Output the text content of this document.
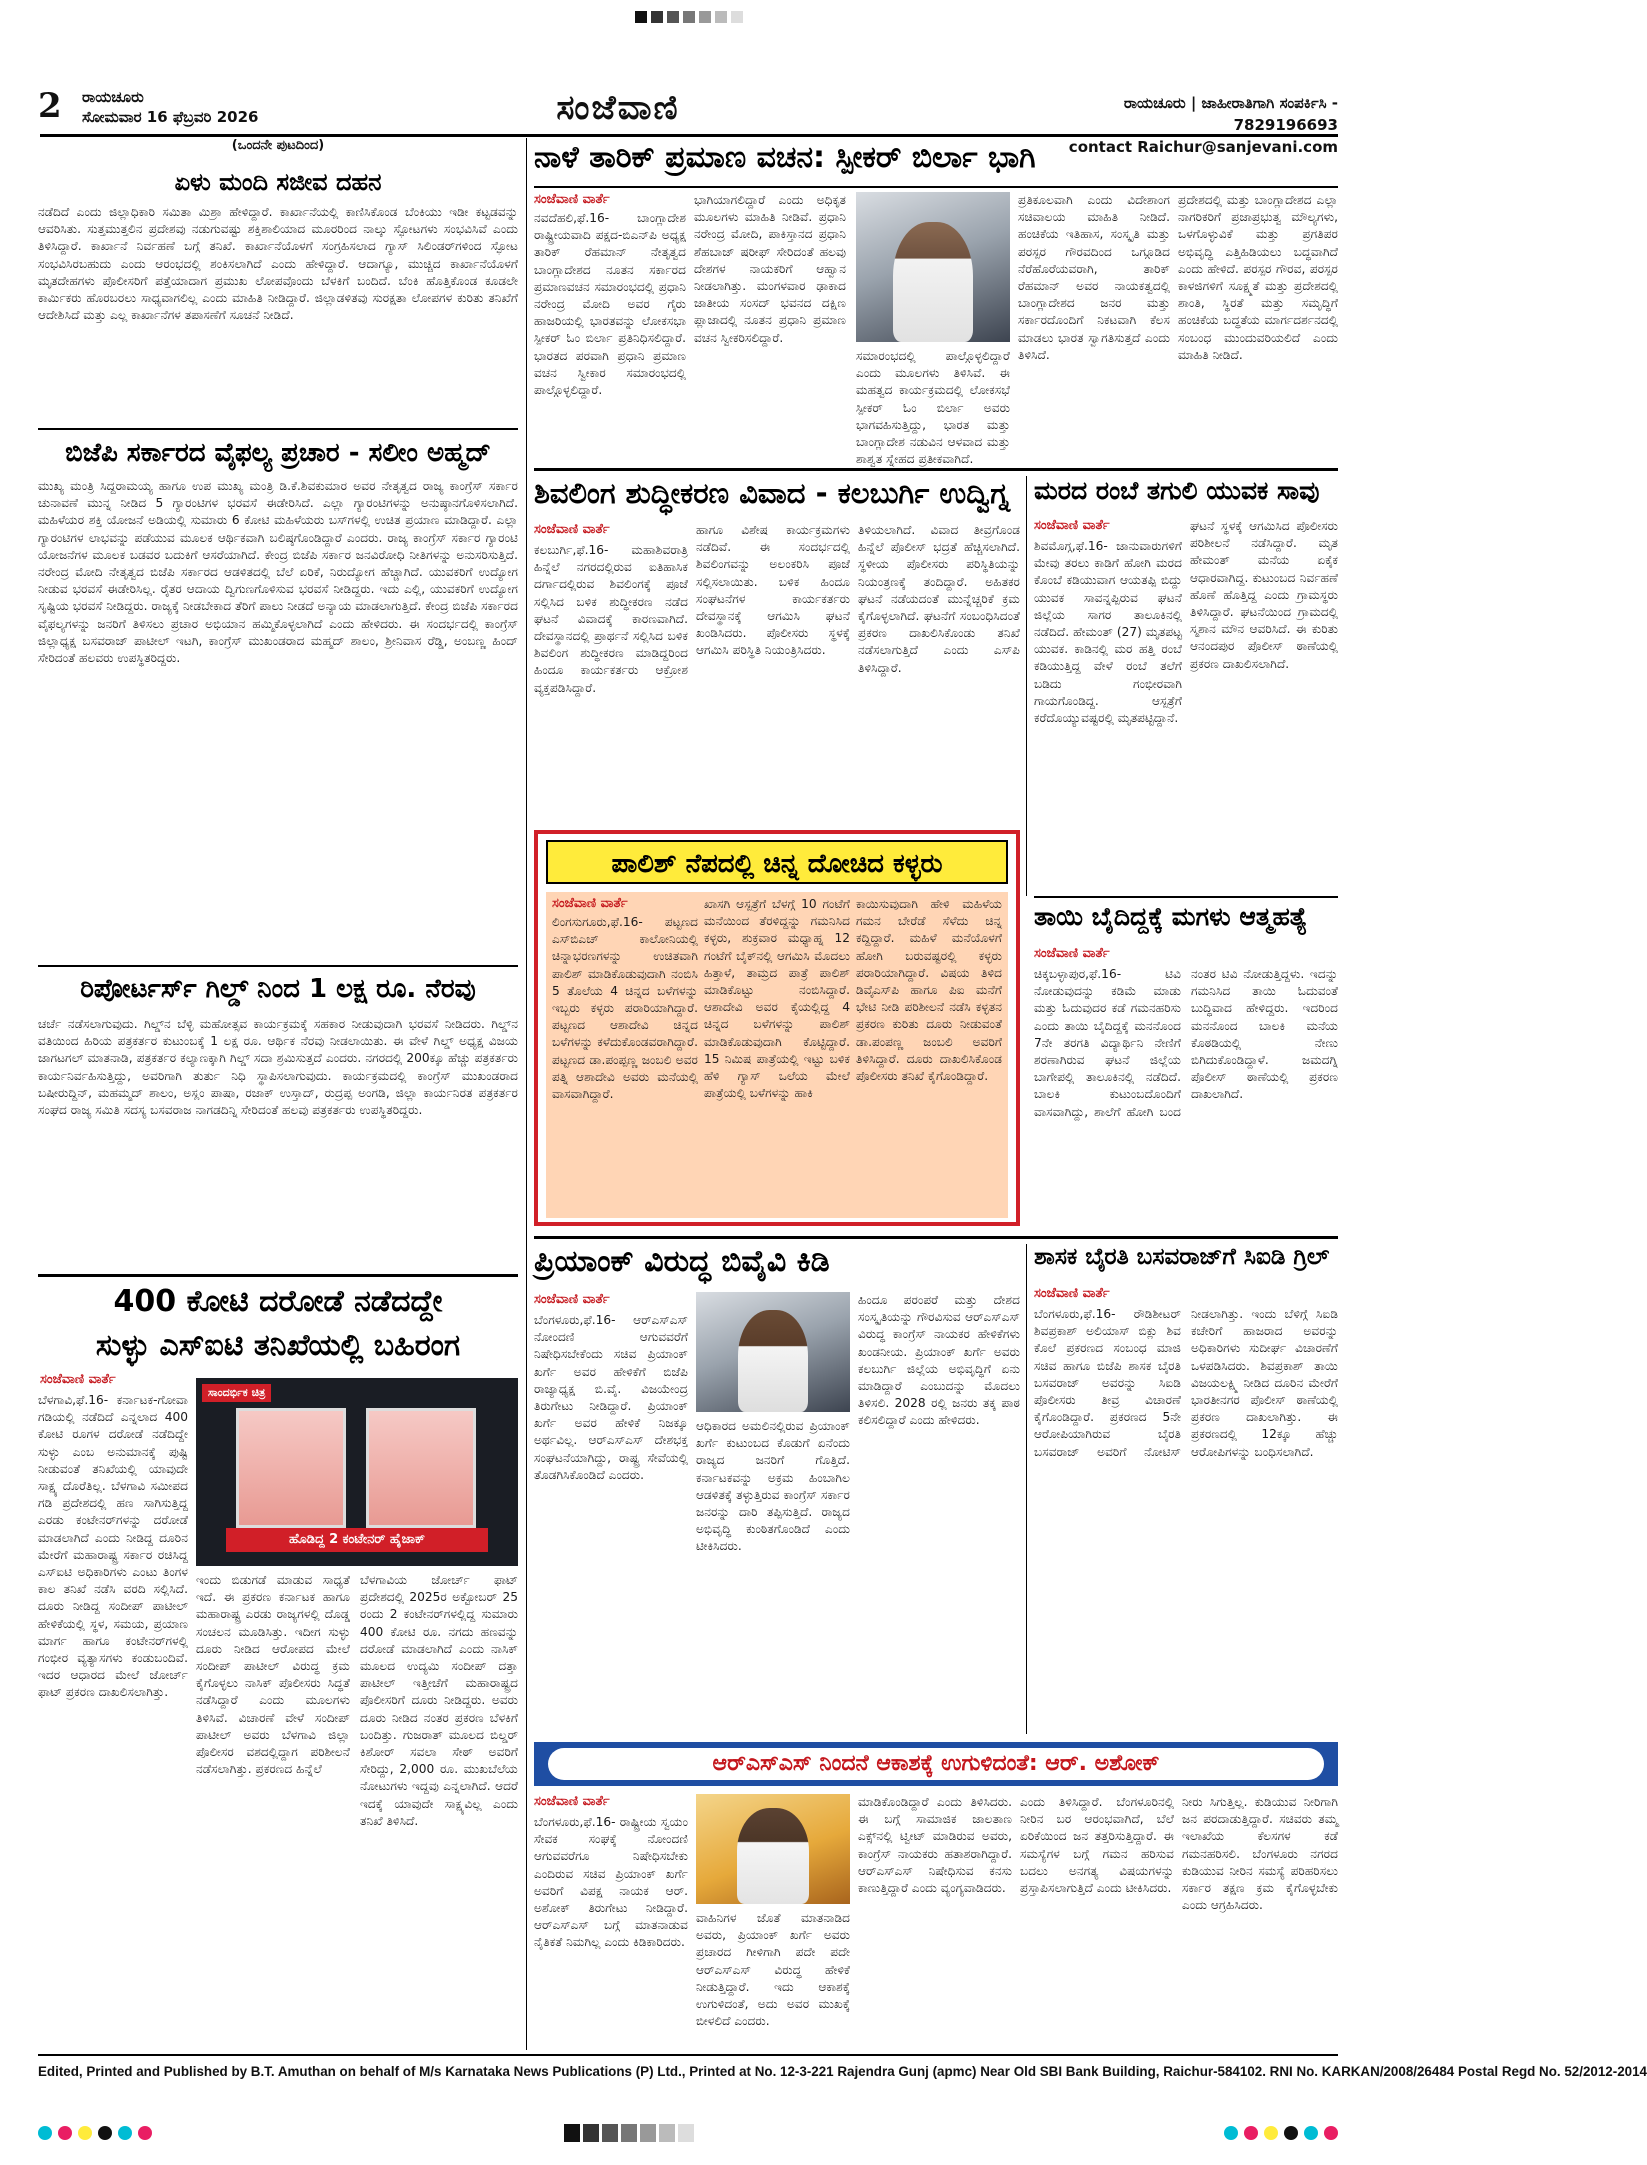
2 ರಾಯಚೂರು
ಸೋಮವಾರ 16 ಫೆಬ್ರವರಿ 2026	ಸಂಜೆವಾಣಿ	ರಾಯಚೂರು | ಜಾಹೀರಾತಿಗಾಗಿ ಸಂಪರ್ಕಿಸಿ - 7829196693
contact Raichur@sanjevani.com
(ಒಂದನೇ ಪುಟದಿಂದ)
ಏಳು ಮಂದಿ ಸಜೀವ ದಹನ
ನಡೆದಿದೆ ಎಂದು ಜಿಲ್ಲಾಧಿಕಾರಿ ಸಮಿತಾ ಮಿಶ್ರಾ ಹೇಳಿದ್ದಾರೆ. ಕಾರ್ಖಾನೆಯಲ್ಲಿ ಕಾಣಿಸಿಕೊಂಡ ಬೆಂಕಿಯು ಇಡೀ ಕಟ್ಟಡವನ್ನು ಆವರಿಸಿತು. ಸುತ್ತಮುತ್ತಲಿನ ಪ್ರದೇಶವು ನಡುಗುವಷ್ಟು ಶಕ್ತಿಶಾಲಿಯಾದ ಮೂರರಿಂದ ನಾಲ್ಕು ಸ್ಫೋಟಗಳು ಸಂಭವಿಸಿವೆ ಎಂದು ತಿಳಿಸಿದ್ದಾರೆ. ಕಾರ್ಖಾನೆ ನಿರ್ವಹಣೆ ಬಗ್ಗೆ ತನಿಖೆ. ಕಾರ್ಖಾನೆಯೊಳಗೆ ಸಂಗ್ರಹಿಸಲಾದ ಗ್ಯಾಸ್ ಸಿಲಿಂಡರ್‌ಗಳಿಂದ ಸ್ಫೋಟ ಸಂಭವಿಸಿರಬಹುದು ಎಂದು ಆರಂಭದಲ್ಲಿ ಶಂಕಿಸಲಾಗಿದೆ ಎಂದು ಹೇಳಿದ್ದಾರೆ. ಆದಾಗ್ಯೂ, ಮುಚ್ಚಿದ ಕಾರ್ಖಾನೆಯೊಳಗೆ ಮೃತದೇಹಗಳು ಪೊಲೀಸರಿಗೆ ಪತ್ತೆಯಾದಾಗ ಪ್ರಮುಖ ಲೋಪವೊಂದು ಬೆಳಕಿಗೆ ಬಂದಿದೆ. ಬೆಂಕಿ ಹೊತ್ತಿಕೊಂಡ ಕೂಡಲೇ ಕಾರ್ಮಿಕರು ಹೊರಬರಲು ಸಾಧ್ಯವಾಗಲಿಲ್ಲ ಎಂದು ಮಾಹಿತಿ ನೀಡಿದ್ದಾರೆ. ಜಿಲ್ಲಾಡಳಿತವು ಸುರಕ್ಷತಾ ಲೋಪಗಳ ಕುರಿತು ತನಿಖೆಗೆ ಆದೇಶಿಸಿದೆ ಮತ್ತು ಎಲ್ಲ ಕಾರ್ಖಾನೆಗಳ ತಪಾಸಣೆಗೆ ಸೂಚನೆ ನೀಡಿದೆ.
ಬಿಜೆಪಿ ಸರ್ಕಾರದ ವೈಫಲ್ಯ ಪ್ರಚಾರ - ಸಲೀಂ ಅಹ್ಮದ್
ಮುಖ್ಯ ಮಂತ್ರಿ ಸಿದ್ದರಾಮಯ್ಯ ಹಾಗೂ ಉಪ ಮುಖ್ಯ ಮಂತ್ರಿ ಡಿ.ಕೆ.ಶಿವಕುಮಾರ ಅವರ ನೇತೃತ್ವದ ರಾಜ್ಯ ಕಾಂಗ್ರೆಸ್ ಸರ್ಕಾರ ಚುನಾವಣೆ ಮುನ್ನ ನೀಡಿದ 5 ಗ್ಯಾರಂಟಿಗಳ ಭರವಸೆ ಈಡೇರಿಸಿದೆ. ಎಲ್ಲಾ ಗ್ಯಾರಂಟಿಗಳನ್ನು ಅನುಷ್ಠಾನಗೊಳಿಸಲಾಗಿದೆ. ಮಹಿಳೆಯರ ಶಕ್ತಿ ಯೋಜನೆ ಅಡಿಯಲ್ಲಿ ಸುಮಾರು 6 ಕೋಟಿ ಮಹಿಳೆಯರು ಬಸ್‌ಗಳಲ್ಲಿ ಉಚಿತ ಪ್ರಯಾಣ ಮಾಡಿದ್ದಾರೆ. ಎಲ್ಲಾ ಗ್ಯಾರಂಟಿಗಳ ಲಾಭವನ್ನು ಪಡೆಯುವ ಮೂಲಕ ಆರ್ಥಿಕವಾಗಿ ಬಲಿಷ್ಠಗೊಂಡಿದ್ದಾರೆ ಎಂದರು. ರಾಜ್ಯ ಕಾಂಗ್ರೆಸ್ ಸರ್ಕಾರ ಗ್ಯಾರಂಟಿ ಯೋಜನೆಗಳ ಮೂಲಕ ಬಡವರ ಬದುಕಿಗೆ ಆಸರೆಯಾಗಿದೆ. ಕೇಂದ್ರ ಬಿಜೆಪಿ ಸರ್ಕಾರ ಜನವಿರೋಧಿ ನೀತಿಗಳನ್ನು ಅನುಸರಿಸುತ್ತಿದೆ. ನರೇಂದ್ರ ಮೋದಿ ನೇತೃತ್ವದ ಬಿಜೆಪಿ ಸರ್ಕಾರದ ಆಡಳಿತದಲ್ಲಿ ಬೆಲೆ ಏರಿಕೆ, ನಿರುದ್ಯೋಗ ಹೆಚ್ಚಾಗಿದೆ. ಯುವಕರಿಗೆ ಉದ್ಯೋಗ ನೀಡುವ ಭರವಸೆ ಈಡೇರಿಸಿಲ್ಲ. ರೈತರ ಆದಾಯ ದ್ವಿಗುಣಗೊಳಿಸುವ ಭರವಸೆ ನೀಡಿದ್ದರು. ಇದು ಎಲ್ಲಿ, ಯುವಕರಿಗೆ ಉದ್ಯೋಗ ಸೃಷ್ಟಿಯ ಭರವಸೆ ನೀಡಿದ್ದರು. ರಾಜ್ಯಕ್ಕೆ ನೀಡಬೇಕಾದ ತೆರಿಗೆ ಪಾಲು ನೀಡದೆ ಅನ್ಯಾಯ ಮಾಡಲಾಗುತ್ತಿದೆ. ಕೇಂದ್ರ ಬಿಜೆಪಿ ಸರ್ಕಾರದ ವೈಫಲ್ಯಗಳನ್ನು ಜನರಿಗೆ ತಿಳಿಸಲು ಪ್ರಚಾರ ಅಭಿಯಾನ ಹಮ್ಮಿಕೊಳ್ಳಲಾಗಿದೆ ಎಂದು ಹೇಳಿದರು. ಈ ಸಂದರ್ಭದಲ್ಲಿ ಕಾಂಗ್ರೆಸ್ ಜಿಲ್ಲಾಧ್ಯಕ್ಷ ಬಸವರಾಜ್ ಪಾಟೀಲ್ ಇಟಗಿ, ಕಾಂಗ್ರೆಸ್ ಮುಖಂಡರಾದ ಮಹ್ಮದ್ ಶಾಲಂ, ಶ್ರೀನಿವಾಸ ರೆಡ್ಡಿ, ಅಂಬಣ್ಣ ಹಿಂದ್ ಸೇರಿದಂತೆ ಹಲವರು ಉಪಸ್ಥಿತರಿದ್ದರು.
ರಿಪೋರ್ಟರ್ಸ್ ಗಿಲ್ಡ್ ನಿಂದ 1 ಲಕ್ಷ ರೂ. ನೆರವು
ಚರ್ಚೆ ನಡೆಸಲಾಗುವುದು. ಗಿಲ್ಡ್‌ನ ಬೆಳ್ಳಿ ಮಹೋತ್ಸವ ಕಾರ್ಯಕ್ರಮಕ್ಕೆ ಸಹಕಾರ ನೀಡುವುದಾಗಿ ಭರವಸೆ ನೀಡಿದರು. ಗಿಲ್ಡ್‌ನ ವತಿಯಿಂದ ಹಿರಿಯ ಪತ್ರಕರ್ತರ ಕುಟುಂಬಕ್ಕೆ 1 ಲಕ್ಷ ರೂ. ಆರ್ಥಿಕ ನೆರವು ನೀಡಲಾಯಿತು. ಈ ವೇಳೆ ಗಿಲ್ಡ್ ಅಧ್ಯಕ್ಷ ವಿಜಯ ಜಾಗಟಗಲ್ ಮಾತನಾಡಿ, ಪತ್ರಕರ್ತರ ಕಲ್ಯಾಣಕ್ಕಾಗಿ ಗಿಲ್ಡ್ ಸದಾ ಶ್ರಮಿಸುತ್ತದೆ ಎಂದರು. ನಗರದಲ್ಲಿ 200ಕ್ಕೂ ಹೆಚ್ಚು ಪತ್ರಕರ್ತರು ಕಾರ್ಯನಿರ್ವಹಿಸುತ್ತಿದ್ದು, ಅವರಿಗಾಗಿ ತುರ್ತು ನಿಧಿ ಸ್ಥಾಪಿಸಲಾಗುವುದು. ಕಾರ್ಯಕ್ರಮದಲ್ಲಿ ಕಾಂಗ್ರೆಸ್ ಮುಖಂಡರಾದ ಬಷೀರುದ್ದಿನ್, ಮಹಮ್ಮದ್ ಶಾಲಂ, ಅಸ್ಲಂ ಪಾಷಾ, ರಜಾಕ್ ಉಸ್ತಾದ್, ರುದ್ರಪ್ಪ ಅಂಗಡಿ, ಜಿಲ್ಲಾ ಕಾರ್ಯನಿರತ ಪತ್ರಕರ್ತರ ಸಂಘದ ರಾಜ್ಯ ಸಮಿತಿ ಸದಸ್ಯ ಬಸವರಾಜ ನಾಗಡದಿನ್ನಿ ಸೇರಿದಂತೆ ಹಲವು ಪತ್ರಕರ್ತರು ಉಪಸ್ಥಿತರಿದ್ದರು.
400 ಕೋಟಿ ದರೋಡೆ ನಡೆದದ್ದೇ
ಸುಳ್ಳು ಎಸ್‌ಐಟಿ ತನಿಖೆಯಲ್ಲಿ ಬಹಿರಂಗ
ಸಂಜೆವಾಣಿ ವಾರ್ತೆ
ಬೆಳಗಾವಿ,ಫೆ.16- ಕರ್ನಾಟಕ-ಗೋವಾ ಗಡಿಯಲ್ಲಿ ನಡೆದಿದೆ ಎನ್ನಲಾದ 400 ಕೋಟಿ ರೂಗಳ ದರೋಡೆ ನಡೆದಿದ್ದೇ ಸುಳ್ಳು ಎಂಬ ಅನುಮಾನಕ್ಕೆ ಪುಷ್ಟಿ ನೀಡುವಂತೆ ತನಿಖೆಯಲ್ಲಿ ಯಾವುದೇ ಸಾಕ್ಷ್ಯ ದೊರೆತಿಲ್ಲ. ಬೆಳಗಾವಿ ಸಮೀಪದ ಗಡಿ ಪ್ರದೇಶದಲ್ಲಿ ಹಣ ಸಾಗಿಸುತ್ತಿದ್ದ ಎರಡು ಕಂಟೇನರ್‌ಗಳನ್ನು ದರೋಡೆ ಮಾಡಲಾಗಿದೆ ಎಂದು ನೀಡಿದ್ದ ದೂರಿನ ಮೇರೆಗೆ ಮಹಾರಾಷ್ಟ್ರ ಸರ್ಕಾರ ರಚಿಸಿದ್ದ ಎಸ್‌ಐಟಿ ಅಧಿಕಾರಿಗಳು ಎಂಟು ತಿಂಗಳ ಕಾಲ ತನಿಖೆ ನಡೆಸಿ ವರದಿ ಸಲ್ಲಿಸಿದೆ. ದೂರು ನೀಡಿದ್ದ ಸಂದೀಪ್ ಪಾಟೀಲ್ ಹೇಳಿಕೆಯಲ್ಲಿ ಸ್ಥಳ, ಸಮಯ, ಪ್ರಯಾಣ ಮಾರ್ಗ ಹಾಗೂ ಕಂಟೇನರ್‌ಗಳಲ್ಲಿ ಗಂಭೀರ ವ್ಯತ್ಯಾಸಗಳು ಕಂಡುಬಂದಿವೆ. ಇದರ ಆಧಾರದ ಮೇಲೆ ಜೋರ್ಚ್ ಫಾಟ್ ಪ್ರಕರಣ ದಾಖಲಿಸಲಾಗಿತ್ತು.
ಸಾಂದರ್ಭಿಕ ಚಿತ್ರ
ಹೊಡಿದ್ದ 2 ಕಂಟೇನರ್ ಹೈಜಾಕ್
ಇಂದು ಬಿಡುಗಡೆ ಮಾಡುವ ಸಾಧ್ಯತೆ ಇದೆ. ಈ ಪ್ರಕರಣ ಕರ್ನಾಟಕ ಹಾಗೂ ಮಹಾರಾಷ್ಟ್ರ ಎರಡು ರಾಜ್ಯಗಳಲ್ಲಿ ದೊಡ್ಡ ಸಂಚಲನ ಮೂಡಿಸಿತ್ತು. ಇದೀಗ ಸುಳ್ಳು ದೂರು ನೀಡಿದ ಆರೋಪದ ಮೇಲೆ ಸಂದೀಪ್ ಪಾಟೀಲ್ ವಿರುದ್ಧ ಕ್ರಮ ಕೈಗೊಳ್ಳಲು ನಾಸಿಕ್ ಪೊಲೀಸರು ಸಿದ್ಧತೆ ನಡೆಸಿದ್ದಾರೆ ಎಂದು ಮೂಲಗಳು ತಿಳಿಸಿವೆ. ವಿಚಾರಣೆ ವೇಳೆ ಸಂದೀಪ್ ಪಾಟೀಲ್ ಅವರು ಬೆಳಗಾವಿ ಜಿಲ್ಲಾ ಪೊಲೀಸರ ವಶದಲ್ಲಿದ್ದಾಗ ಪರಿಶೀಲನೆ ನಡೆಸಲಾಗಿತ್ತು. ಪ್ರಕರಣದ ಹಿನ್ನೆಲೆ
ಬೆಳಗಾವಿಯ ಜೋರ್ಚ್ ಫಾಟ್ ಪ್ರದೇಶದಲ್ಲಿ 2025ರ ಅಕ್ಟೋಬರ್ 25 ರಂದು 2 ಕಂಟೇನರ್‌ಗಳಲ್ಲಿದ್ದ ಸುಮಾರು 400 ಕೋಟಿ ರೂ. ನಗದು ಹಣವನ್ನು ದರೋಡೆ ಮಾಡಲಾಗಿದೆ ಎಂದು ನಾಸಿಕ್ ಮೂಲದ ಉದ್ಯಮಿ ಸಂದೀಪ್ ದತ್ತಾ ಪಾಟೀಲ್ ಇತ್ತೀಚೆಗೆ ಮಹಾರಾಷ್ಟ್ರದ ಪೊಲೀಸರಿಗೆ ದೂರು ನೀಡಿದ್ದರು. ಅವರು ದೂರು ನೀಡಿದ ನಂತರ ಪ್ರಕರಣ ಬೆಳಕಿಗೆ ಬಂದಿತ್ತು. ಗುಜರಾತ್ ಮೂಲದ ಬಿಲ್ಡರ್ ಕಿಶೋರ್ ಸವಲಾ ಸೇಠ್ ಅವರಿಗೆ ಸೇರಿದ್ದು, 2,000 ರೂ. ಮುಖಬೆಲೆಯ ನೋಟುಗಳು ಇದ್ದವು ಎನ್ನಲಾಗಿದೆ. ಆದರೆ ಇದಕ್ಕೆ ಯಾವುದೇ ಸಾಕ್ಷ್ಯವಿಲ್ಲ ಎಂದು ತನಿಖೆ ತಿಳಿಸಿದೆ.
ನಾಳೆ ತಾರಿಕ್ ಪ್ರಮಾಣ ವಚನ: ಸ್ಪೀಕರ್ ಬಿರ್ಲಾ ಭಾಗಿ
ಸಂಜೆವಾಣಿ ವಾರ್ತೆ
ನವದೆಹಲಿ,ಫೆ.16- ಬಾಂಗ್ಲಾದೇಶ ರಾಷ್ಟ್ರೀಯವಾದಿ ಪಕ್ಷದ-ಬಿಎನ್‌ಪಿ ಅಧ್ಯಕ್ಷ ತಾರಿಕ್ ರೆಹಮಾನ್ ನೇತೃತ್ವದ ಬಾಂಗ್ಲಾದೇಶದ ನೂತನ ಸರ್ಕಾರದ ಪ್ರಮಾಣವಚನ ಸಮಾರಂಭದಲ್ಲಿ ಪ್ರಧಾನಿ ನರೇಂದ್ರ ಮೋದಿ ಅವರ ಗೈರು ಹಾಜರಿಯಲ್ಲಿ ಭಾರತವನ್ನು ಲೋಕಸಭಾ ಸ್ಪೀಕರ್ ಓಂ ಬಿರ್ಲಾ ಪ್ರತಿನಿಧಿಸಲಿದ್ದಾರೆ. ಭಾರತದ ಪರವಾಗಿ ಪ್ರಧಾನಿ ಪ್ರಮಾಣ ವಚನ ಸ್ವೀಕಾರ ಸಮಾರಂಭದಲ್ಲಿ ಪಾಲ್ಗೊಳ್ಳಲಿದ್ದಾರೆ.
ಭಾಗಿಯಾಗಲಿದ್ದಾರೆ ಎಂದು ಅಧಿಕೃತ ಮೂಲಗಳು ಮಾಹಿತಿ ನೀಡಿವೆ. ಪ್ರಧಾನಿ ನರೇಂದ್ರ ಮೋದಿ, ಪಾಕಿಸ್ತಾನದ ಪ್ರಧಾನಿ ಶೆಹಬಾಜ್ ಷರೀಫ್ ಸೇರಿದಂತೆ ಹಲವು ದೇಶಗಳ ನಾಯಕರಿಗೆ ಆಹ್ವಾನ ನೀಡಲಾಗಿತ್ತು. ಮಂಗಳವಾರ ಢಾಕಾದ ಜಾತೀಯ ಸಂಸದ್ ಭವನದ ದಕ್ಷಿಣ ಪ್ಲಾಜಾದಲ್ಲಿ ನೂತನ ಪ್ರಧಾನಿ ಪ್ರಮಾಣ ವಚನ ಸ್ವೀಕರಿಸಲಿದ್ದಾರೆ.
ಸಮಾರಂಭದಲ್ಲಿ ಪಾಲ್ಗೊಳ್ಳಲಿದ್ದಾರೆ ಎಂದು ಮೂಲಗಳು ತಿಳಿಸಿವೆ. ಈ ಮಹತ್ವದ ಕಾರ್ಯಕ್ರಮದಲ್ಲಿ ಲೋಕಸಭೆ ಸ್ಪೀಕರ್ ಓಂ ಬಿರ್ಲಾ ಅವರು ಭಾಗವಹಿಸುತ್ತಿದ್ದು, ಭಾರತ ಮತ್ತು ಬಾಂಗ್ಲಾದೇಶ ನಡುವಿನ ಆಳವಾದ ಮತ್ತು ಶಾಶ್ವತ ಸ್ನೇಹದ ಪ್ರತೀಕವಾಗಿದೆ.
ಪ್ರತಿಕೂಲವಾಗಿ ಎಂದು ವಿದೇಶಾಂಗ ಸಚಿವಾಲಯ ಮಾಹಿತಿ ನೀಡಿದೆ. ಹಂಚಿಕೆಯ ಇತಿಹಾಸ, ಸಂಸ್ಕೃತಿ ಮತ್ತು ಪರಸ್ಪರ ಗೌರವದಿಂದ ಒಗ್ಗೂಡಿದ ನೆರೆಹೊರೆಯವರಾಗಿ, ತಾರಿಕ್ ರೆಹಮಾನ್ ಅವರ ನಾಯಕತ್ವದಲ್ಲಿ ಬಾಂಗ್ಲಾದೇಶದ ಜನರ ಮತ್ತು ಸರ್ಕಾರದೊಂದಿಗೆ ನಿಕಟವಾಗಿ ಕೆಲಸ ಮಾಡಲು ಭಾರತ ಸ್ವಾಗತಿಸುತ್ತದೆ ಎಂದು ತಿಳಿಸಿದೆ.
ಪ್ರದೇಶದಲ್ಲಿ ಮತ್ತು ಬಾಂಗ್ಲಾದೇಶದ ಎಲ್ಲಾ ನಾಗರಿಕರಿಗೆ ಪ್ರಜಾಪ್ರಭುತ್ವ ಮೌಲ್ಯಗಳು, ಒಳಗೊಳ್ಳುವಿಕೆ ಮತ್ತು ಪ್ರಗತಿಪರ ಅಭಿವೃದ್ಧಿ ಎತ್ತಿಹಿಡಿಯಲು ಬದ್ಧವಾಗಿದೆ ಎಂದು ಹೇಳಿದೆ. ಪರಸ್ಪರ ಗೌರವ, ಪರಸ್ಪರ ಕಾಳಜಿಗಳಿಗೆ ಸೂಕ್ಷ್ಮತೆ ಮತ್ತು ಪ್ರದೇಶದಲ್ಲಿ ಶಾಂತಿ, ಸ್ಥಿರತೆ ಮತ್ತು ಸಮೃದ್ಧಿಗೆ ಹಂಚಿಕೆಯ ಬದ್ಧತೆಯ ಮಾರ್ಗದರ್ಶನದಲ್ಲಿ ಸಂಬಂಧ ಮುಂದುವರಿಯಲಿದೆ ಎಂದು ಮಾಹಿತಿ ನೀಡಿದೆ.
ಶಿವಲಿಂಗ ಶುದ್ಧೀಕರಣ ವಿವಾದ - ಕಲಬುರ್ಗಿ ಉದ್ವಿಗ್ನ
ಸಂಜೆವಾಣಿ ವಾರ್ತೆ
ಕಲಬುರ್ಗಿ,ಫೆ.16- ಮಹಾಶಿವರಾತ್ರಿ ಹಿನ್ನೆಲೆ ನಗರದಲ್ಲಿರುವ ಐತಿಹಾಸಿಕ ದರ್ಗಾದಲ್ಲಿರುವ ಶಿವಲಿಂಗಕ್ಕೆ ಪೂಜೆ ಸಲ್ಲಿಸಿದ ಬಳಿಕ ಶುದ್ಧೀಕರಣ ನಡೆದ ಘಟನೆ ವಿವಾದಕ್ಕೆ ಕಾರಣವಾಗಿದೆ. ದೇವಸ್ಥಾನದಲ್ಲಿ ಪ್ರಾರ್ಥನೆ ಸಲ್ಲಿಸಿದ ಬಳಿಕ ಶಿವಲಿಂಗ ಶುದ್ಧೀಕರಣ ಮಾಡಿದ್ದರಿಂದ ಹಿಂದೂ ಕಾರ್ಯಕರ್ತರು ಆಕ್ರೋಶ ವ್ಯಕ್ತಪಡಿಸಿದ್ದಾರೆ.
ಹಾಗೂ ವಿಶೇಷ ಕಾರ್ಯಕ್ರಮಗಳು ನಡೆದಿವೆ. ಈ ಸಂದರ್ಭದಲ್ಲಿ ಶಿವಲಿಂಗವನ್ನು ಅಲಂಕರಿಸಿ ಪೂಜೆ ಸಲ್ಲಿಸಲಾಯಿತು. ಬಳಿಕ ಹಿಂದೂ ಸಂಘಟನೆಗಳ ಕಾರ್ಯಕರ್ತರು ದೇವಸ್ಥಾನಕ್ಕೆ ಆಗಮಿಸಿ ಘಟನೆ ಖಂಡಿಸಿದರು. ಪೊಲೀಸರು ಸ್ಥಳಕ್ಕೆ ಆಗಮಿಸಿ ಪರಿಸ್ಥಿತಿ ನಿಯಂತ್ರಿಸಿದರು.
ತಿಳಿಯಲಾಗಿದೆ. ವಿವಾದ ತೀವ್ರಗೊಂಡ ಹಿನ್ನೆಲೆ ಪೊಲೀಸ್ ಭದ್ರತೆ ಹೆಚ್ಚಿಸಲಾಗಿದೆ. ಸ್ಥಳೀಯ ಪೊಲೀಸರು ಪರಿಸ್ಥಿತಿಯನ್ನು ನಿಯಂತ್ರಣಕ್ಕೆ ತಂದಿದ್ದಾರೆ. ಅಹಿತಕರ ಘಟನೆ ನಡೆಯದಂತೆ ಮುನ್ನೆಚ್ಚರಿಕೆ ಕ್ರಮ ಕೈಗೊಳ್ಳಲಾಗಿದೆ. ಘಟನೆಗೆ ಸಂಬಂಧಿಸಿದಂತೆ ಪ್ರಕರಣ ದಾಖಲಿಸಿಕೊಂಡು ತನಿಖೆ ನಡೆಸಲಾಗುತ್ತಿದೆ ಎಂದು ಎಸ್‌ಪಿ ತಿಳಿಸಿದ್ದಾರೆ.
ಮರದ ರಂಬೆ ತಗುಲಿ ಯುವಕ ಸಾವು
ಸಂಜೆವಾಣಿ ವಾರ್ತೆ
ಶಿವಮೊಗ್ಗ,ಫೆ.16- ಜಾನುವಾರುಗಳಿಗೆ ಮೇವು ತರಲು ಕಾಡಿಗೆ ಹೋಗಿ ಮರದ ಕೊಂಬೆ ಕಡಿಯುವಾಗ ಆಯತಪ್ಪಿ ಬಿದ್ದು ಯುವಕ ಸಾವನ್ನಪ್ಪಿರುವ ಘಟನೆ ಜಿಲ್ಲೆಯ ಸಾಗರ ತಾಲೂಕಿನಲ್ಲಿ ನಡೆದಿದೆ. ಹೇಮಂತ್ (27) ಮೃತಪಟ್ಟ ಯುವಕ. ಕಾಡಿನಲ್ಲಿ ಮರ ಹತ್ತಿ ರಂಬೆ ಕಡಿಯುತ್ತಿದ್ದ ವೇಳೆ ರಂಬೆ ತಲೆಗೆ ಬಡಿದು ಗಂಭೀರವಾಗಿ ಗಾಯಗೊಂಡಿದ್ದ. ಆಸ್ಪತ್ರೆಗೆ ಕರೆದೊಯ್ಯುವಷ್ಟರಲ್ಲಿ ಮೃತಪಟ್ಟಿದ್ದಾನೆ.
ಘಟನೆ ಸ್ಥಳಕ್ಕೆ ಆಗಮಿಸಿದ ಪೊಲೀಸರು ಪರಿಶೀಲನೆ ನಡೆಸಿದ್ದಾರೆ. ಮೃತ ಹೇಮಂತ್ ಮನೆಯ ಏಕೈಕ ಆಧಾರವಾಗಿದ್ದ. ಕುಟುಂಬದ ನಿರ್ವಹಣೆ ಹೊಣೆ ಹೊತ್ತಿದ್ದ ಎಂದು ಗ್ರಾಮಸ್ಥರು ತಿಳಿಸಿದ್ದಾರೆ. ಘಟನೆಯಿಂದ ಗ್ರಾಮದಲ್ಲಿ ಸ್ಮಶಾನ ಮೌನ ಆವರಿಸಿದೆ. ಈ ಕುರಿತು ಆನಂದಪುರ ಪೊಲೀಸ್ ಠಾಣೆಯಲ್ಲಿ ಪ್ರಕರಣ ದಾಖಲಿಸಲಾಗಿದೆ.
ಪಾಲಿಶ್ ನೆಪದಲ್ಲಿ ಚಿನ್ನ ದೋಚಿದ ಕಳ್ಳರು
ಸಂಜೆವಾಣಿ ವಾರ್ತೆ
ಲಿಂಗಸುಗೂರು,ಫೆ.16- ಪಟ್ಟಣದ ಎಸ್‌ಬಿಎಚ್ ಕಾಲೋನಿಯಲ್ಲಿ ಚಿನ್ನಾಭರಣಗಳನ್ನು ಉಚಿತವಾಗಿ ಪಾಲಿಶ್ ಮಾಡಿಕೊಡುವುದಾಗಿ ನಂಬಿಸಿ 5 ತೊಲೆಯ 4 ಚಿನ್ನದ ಬಳೆಗಳನ್ನು ಇಬ್ಬರು ಕಳ್ಳರು ಪರಾರಿಯಾಗಿದ್ದಾರೆ. ಪಟ್ಟಣದ ಆಶಾದೇವಿ ಚಿನ್ನದ ಬಳೆಗಳನ್ನು ಕಳೆದುಕೊಂಡವರಾಗಿದ್ದಾರೆ. ಪಟ್ಟಣದ ಡಾ.ಪಂಪ್ಪಣ್ಣ ಜಂಬಲಿ ಅವರ ಪತ್ನಿ ಆಶಾದೇವಿ ಅವರು ಮನೆಯಲ್ಲಿ ವಾಸವಾಗಿದ್ದಾರೆ.
ಖಾಸಗಿ ಆಸ್ಪತ್ರೆಗೆ ಬೆಳಗ್ಗೆ 10 ಗಂಟೆಗೆ ಮನೆಯಿಂದ ತೆರಳಿದ್ದನ್ನು ಗಮನಿಸಿದ ಕಳ್ಳರು, ಶುಕ್ರವಾರ ಮಧ್ಯಾಹ್ನ 12 ಗಂಟೆಗೆ ಬೈಕ್‌ನಲ್ಲಿ ಆಗಮಿಸಿ ಮೊದಲು ಹಿತ್ತಾಳೆ, ತಾಮ್ರದ ಪಾತ್ರೆ ಪಾಲಿಶ್ ಮಾಡಿಕೊಟ್ಟು ನಂಬಿಸಿದ್ದಾರೆ. ಆಶಾದೇವಿ ಅವರ ಕೈಯಲ್ಲಿದ್ದ 4 ಚಿನ್ನದ ಬಳೆಗಳನ್ನು ಪಾಲಿಶ್ ಮಾಡಿಕೊಡುವುದಾಗಿ ಕೊಟ್ಟಿದ್ದಾರೆ. 15 ನಿಮಿಷ ಪಾತ್ರೆಯಲ್ಲಿ ಇಟ್ಟು ಬಳಿಕ ಹೆಳಿ ಗ್ಯಾಸ್ ಒಲೆಯ ಮೇಲೆ ಪಾತ್ರೆಯಲ್ಲಿ ಬಳೆಗಳನ್ನು ಹಾಕಿ
ಕಾಯಿಸುವುದಾಗಿ ಹೇಳಿ ಮಹಿಳೆಯ ಗಮನ ಬೇರೆಡೆ ಸೆಳೆದು ಚಿನ್ನ ಕದ್ದಿದ್ದಾರೆ. ಮಹಿಳೆ ಮನೆಯೊಳಗೆ ಹೋಗಿ ಬರುವಷ್ಟರಲ್ಲಿ ಕಳ್ಳರು ಪರಾರಿಯಾಗಿದ್ದಾರೆ. ವಿಷಯ ತಿಳಿದ ಡಿವೈಎಸ್‌ಪಿ ಹಾಗೂ ಪಿಐ ಮನೆಗೆ ಭೇಟಿ ನೀಡಿ ಪರಿಶೀಲನೆ ನಡೆಸಿ ಕಳ್ಳತನ ಪ್ರಕರಣ ಕುರಿತು ದೂರು ನೀಡುವಂತೆ ಡಾ.ಪಂಪಣ್ಣ ಜಂಬಲಿ ಅವರಿಗೆ ತಿಳಿಸಿದ್ದಾರೆ. ದೂರು ದಾಖಲಿಸಿಕೊಂಡ ಪೊಲೀಸರು ತನಿಖೆ ಕೈಗೊಂಡಿದ್ದಾರೆ.
ತಾಯಿ ಬೈದಿದ್ದಕ್ಕೆ ಮಗಳು ಆತ್ಮಹತ್ಯೆ
ಸಂಜೆವಾಣಿ ವಾರ್ತೆ
ಚಿಕ್ಕಬಳ್ಳಾಪುರ,ಫೆ.16- ಟಿವಿ ನೋಡುವುದನ್ನು ಕಡಿಮೆ ಮಾಡು ಮತ್ತು ಓದುವುದರ ಕಡೆ ಗಮನಹರಿಸು ಎಂದು ತಾಯಿ ಬೈದಿದ್ದಕ್ಕೆ ಮನನೊಂದ 7ನೇ ತರಗತಿ ವಿದ್ಯಾರ್ಥಿನಿ ನೇಣಿಗೆ ಶರಣಾಗಿರುವ ಘಟನೆ ಜಿಲ್ಲೆಯ ಬಾಗೇಪಲ್ಲಿ ತಾಲೂಕಿನಲ್ಲಿ ನಡೆದಿದೆ. ಬಾಲಕಿ ಕುಟುಂಬದೊಂದಿಗೆ ವಾಸವಾಗಿದ್ದು, ಶಾಲೆಗೆ ಹೋಗಿ ಬಂದ ನಂತರ ಟಿವಿ ನೋಡುತ್ತಿದ್ದಳು. ಇದನ್ನು ಗಮನಿಸಿದ ತಾಯಿ ಓದುವಂತೆ ಬುದ್ಧಿವಾದ ಹೇಳಿದ್ದರು. ಇದರಿಂದ ಮನನೊಂದ ಬಾಲಕಿ ಮನೆಯ ಕೊಠಡಿಯಲ್ಲಿ ನೇಣು ಬಿಗಿದುಕೊಂಡಿದ್ದಾಳೆ. ಜಮದಗ್ನಿ ಪೊಲೀಸ್ ಠಾಣೆಯಲ್ಲಿ ಪ್ರಕರಣ ದಾಖಲಾಗಿದೆ.
ಪ್ರಿಯಾಂಕ್ ವಿರುದ್ಧ ಬಿವೈವಿ ಕಿಡಿ
ಸಂಜೆವಾಣಿ ವಾರ್ತೆ
ಬೆಂಗಳೂರು,ಫೆ.16- ಆರ್‌ಎಸ್‌ಎಸ್ ನೋಂದಣಿ ಆಗುವವರೆಗೆ ನಿಷೇಧಿಸಬೇಕೆಂದು ಸಚಿವ ಪ್ರಿಯಾಂಕ್ ಖರ್ಗೆ ಅವರ ಹೇಳಿಕೆಗೆ ಬಿಜೆಪಿ ರಾಜ್ಯಾಧ್ಯಕ್ಷ ಬಿ.ವೈ. ವಿಜಯೇಂದ್ರ ತಿರುಗೇಟು ನೀಡಿದ್ದಾರೆ. ಪ್ರಿಯಾಂಕ್ ಖರ್ಗೆ ಅವರ ಹೇಳಿಕೆ ನಿಜಕ್ಕೂ ಅರ್ಥವಿಲ್ಲ. ಆರ್‌ಎಸ್‌ಎಸ್ ದೇಶಭಕ್ತ ಸಂಘಟನೆಯಾಗಿದ್ದು, ರಾಷ್ಟ್ರ ಸೇವೆಯಲ್ಲಿ ತೊಡಗಿಸಿಕೊಂಡಿದೆ ಎಂದರು.
ಆಧಿಕಾರದ ಅಮಲಿನಲ್ಲಿರುವ ಪ್ರಿಯಾಂಕ್ ಖರ್ಗೆ ಕುಟುಂಬದ ಕೊಡುಗೆ ಏನೆಂದು ರಾಜ್ಯದ ಜನರಿಗೆ ಗೊತ್ತಿದೆ. ಕರ್ನಾಟಕವನ್ನು ಅಕ್ರಮ ಹಿಂಬಾಗಿಲ ಆಡಳಿತಕ್ಕೆ ತಳ್ಳುತ್ತಿರುವ ಕಾಂಗ್ರೆಸ್ ಸರ್ಕಾರ ಜನರನ್ನು ದಾರಿ ತಪ್ಪಿಸುತ್ತಿದೆ. ರಾಜ್ಯದ ಅಭಿವೃದ್ಧಿ ಕುಂಠಿತಗೊಂಡಿದೆ ಎಂದು ಟೀಕಿಸಿದರು.
ಹಿಂದೂ ಪರಂಪರೆ ಮತ್ತು ದೇಶದ ಸಂಸ್ಕೃತಿಯನ್ನು ಗೌರವಿಸುವ ಆರ್‌ಎಸ್‌ಎಸ್ ವಿರುದ್ಧ ಕಾಂಗ್ರೆಸ್ ನಾಯಕರ ಹೇಳಿಕೆಗಳು ಖಂಡನೀಯ. ಪ್ರಿಯಾಂಕ್ ಖರ್ಗೆ ಅವರು ಕಲಬುರ್ಗಿ ಜಿಲ್ಲೆಯ ಅಭಿವೃದ್ಧಿಗೆ ಏನು ಮಾಡಿದ್ದಾರೆ ಎಂಬುದನ್ನು ಮೊದಲು ತಿಳಿಸಲಿ. 2028 ರಲ್ಲಿ ಜನರು ತಕ್ಕ ಪಾಠ ಕಲಿಸಲಿದ್ದಾರೆ ಎಂದು ಹೇಳಿದರು.
ಶಾಸಕ ಬೈರತಿ ಬಸವರಾಜ್‌ಗೆ ಸಿಐಡಿ ಗ್ರಿಲ್
ಸಂಜೆವಾಣಿ ವಾರ್ತೆ
ಬೆಂಗಳೂರು,ಫೆ.16- ರೌಡಿಶೀಟರ್ ಶಿವಪ್ರಕಾಶ್ ಅಲಿಯಾಸ್ ಬಿಕ್ಲು ಶಿವ ಕೊಲೆ ಪ್ರಕರಣದ ಸಂಬಂಧ ಮಾಜಿ ಸಚಿವ ಹಾಗೂ ಬಿಜೆಪಿ ಶಾಸಕ ಬೈರತಿ ಬಸವರಾಜ್ ಅವರನ್ನು ಸಿಐಡಿ ಪೊಲೀಸರು ತೀವ್ರ ವಿಚಾರಣೆ ಕೈಗೊಂಡಿದ್ದಾರೆ. ಪ್ರಕರಣದ 5ನೇ ಆರೋಪಿಯಾಗಿರುವ ಬೈರತಿ ಬಸವರಾಜ್ ಅವರಿಗೆ ನೋಟಿಸ್ ನೀಡಲಾಗಿತ್ತು. ಇಂದು ಬೆಳಿಗ್ಗೆ ಸಿಐಡಿ ಕಚೇರಿಗೆ ಹಾಜರಾದ ಅವರನ್ನು ಅಧಿಕಾರಿಗಳು ಸುದೀರ್ಘ ವಿಚಾರಣೆಗೆ ಒಳಪಡಿಸಿದರು. ಶಿವಪ್ರಕಾಶ್ ತಾಯಿ ವಿಜಯಲಕ್ಷ್ಮಿ ನೀಡಿದ ದೂರಿನ ಮೇರೆಗೆ ಭಾರತೀನಗರ ಪೊಲೀಸ್ ಠಾಣೆಯಲ್ಲಿ ಪ್ರಕರಣ ದಾಖಲಾಗಿತ್ತು. ಈ ಪ್ರಕರಣದಲ್ಲಿ 12ಕ್ಕೂ ಹೆಚ್ಚು ಆರೋಪಿಗಳನ್ನು ಬಂಧಿಸಲಾಗಿದೆ.
ಆರ್‌ಎಸ್‌ಎಸ್ ನಿಂದನೆ ಆಕಾಶಕ್ಕೆ ಉಗುಳಿದಂತೆ: ಆರ್. ಅಶೋಕ್
ಸಂಜೆವಾಣಿ ವಾರ್ತೆ
ಬೆಂಗಳೂರು,ಫೆ.16- ರಾಷ್ಟ್ರೀಯ ಸ್ವಯಂ ಸೇವಕ ಸಂಘಕ್ಕೆ ನೋಂದಣಿ ಆಗುವವರೆಗೂ ನಿಷೇಧಿಸಬೇಕು ಎಂದಿರುವ ಸಚಿವ ಪ್ರಿಯಾಂಕ್ ಖರ್ಗೆ ಅವರಿಗೆ ವಿಪಕ್ಷ ನಾಯಕ ಆರ್. ಅಶೋಕ್ ತಿರುಗೇಟು ನೀಡಿದ್ದಾರೆ. ಆರ್‌ಎಸ್‌ಎಸ್ ಬಗ್ಗೆ ಮಾತನಾಡುವ ನೈತಿಕತೆ ನಿಮಗಿಲ್ಲ ಎಂದು ಕಿಡಿಕಾರಿದರು.
ವಾಹಿನಿಗಳ ಜೊತೆ ಮಾತನಾಡಿದ ಅವರು, ಪ್ರಿಯಾಂಕ್ ಖರ್ಗೆ ಅವರು ಪ್ರಚಾರದ ಗೀಳಿಗಾಗಿ ಪದೇ ಪದೇ ಆರ್‌ಎಸ್‌ಎಸ್ ವಿರುದ್ಧ ಹೇಳಿಕೆ ನೀಡುತ್ತಿದ್ದಾರೆ. ಇದು ಆಕಾಶಕ್ಕೆ ಉಗುಳಿದಂತೆ, ಅದು ಅವರ ಮುಖಕ್ಕೆ ಬೀಳಲಿದೆ ಎಂದರು.
ಮಾಡಿಕೊಂಡಿದ್ದಾರೆ ಎಂದು ತಿಳಿಸಿದರು. ಈ ಬಗ್ಗೆ ಸಾಮಾಜಿಕ ಜಾಲತಾಣ ಎಕ್ಸ್‌ನಲ್ಲಿ ಟ್ವೀಟ್ ಮಾಡಿರುವ ಅವರು, ಕಾಂಗ್ರೆಸ್ ನಾಯಕರು ಹತಾಶರಾಗಿದ್ದಾರೆ. ಆರ್‌ಎಸ್‌ಎಸ್ ನಿಷೇಧಿಸುವ ಕನಸು ಕಾಣುತ್ತಿದ್ದಾರೆ ಎಂದು ವ್ಯಂಗ್ಯವಾಡಿದರು.
ಎಂದು ತಿಳಿಸಿದ್ದಾರೆ. ಬೆಂಗಳೂರಿನಲ್ಲಿ ನೀರಿನ ಬರ ಆರಂಭವಾಗಿದೆ, ಬೆಲೆ ಏರಿಕೆಯಿಂದ ಜನ ತತ್ತರಿಸುತ್ತಿದ್ದಾರೆ. ಈ ಸಮಸ್ಯೆಗಳ ಬಗ್ಗೆ ಗಮನ ಹರಿಸುವ ಬದಲು ಅನಗತ್ಯ ವಿಷಯಗಳನ್ನು ಪ್ರಸ್ತಾಪಿಸಲಾಗುತ್ತಿದೆ ಎಂದು ಟೀಕಿಸಿದರು.
ನೀರು ಸಿಗುತ್ತಿಲ್ಲ. ಕುಡಿಯುವ ನೀರಿಗಾಗಿ ಜನ ಪರದಾಡುತ್ತಿದ್ದಾರೆ. ಸಚಿವರು ತಮ್ಮ ಇಲಾಖೆಯ ಕೆಲಸಗಳ ಕಡೆ ಗಮನಹರಿಸಲಿ. ಬೆಂಗಳೂರು ನಗರದ ಕುಡಿಯುವ ನೀರಿನ ಸಮಸ್ಯೆ ಪರಿಹರಿಸಲು ಸರ್ಕಾರ ತಕ್ಷಣ ಕ್ರಮ ಕೈಗೊಳ್ಳಬೇಕು ಎಂದು ಆಗ್ರಹಿಸಿದರು.
Edited, Printed and Published by B.T. Amuthan on behalf of M/s Karnataka News Publications (P) Ltd., Printed at No. 12-3-221 Rajendra Gunj (apmc) Near Old SBI Bank Building, Raichur-584102. RNI No. KARKAN/2008/26484 Postal Regd No. 52/2012-2014
